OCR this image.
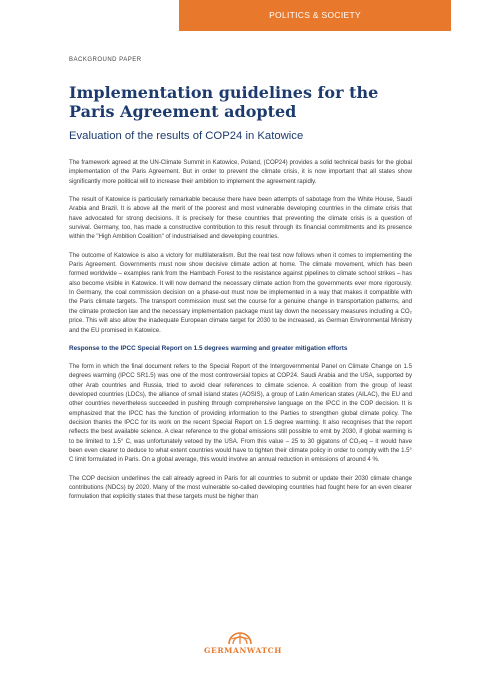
POLITICS & SOCIETY
BACKGROUND PAPER
Implementation guidelines for the Paris Agreement adopted
Evaluation of the results of COP24 in Katowice

The framework agreed at the UN-Climate Summit in Katowice, Poland, (COP24) provides a solid technical basis for the global implementation of the Paris Agreement. But in order to prevent the climate crisis, it is now important that all states show significantly more political will to increase their ambition to implement the agreement rapidly.

The result of Katowice is particularly remarkable because there have been attempts of sabotage from the White House, Saudi Arabia and Brazil. It is above all the merit of the poorest and most vulnerable developing countries in the climate crisis that have advocated for strong decisions. It is precisely for these countries that preventing the climate crisis is a question of survival. Germany, too, has made a constructive contribution to this result through its financial commitments and its presence within the "High Ambition Coalition" of industrialised and developing countries.

The outcome of Katowice is also a victory for multilateralism. But the real test now follows when it comes to implementing the Paris Agreement. Governments must now show decisive climate action at home. The climate movement, which has been formed worldwide – examples rank from the Hambach Forest to the resistance against pipelines to climate school strikes – has also become visible in Katowice. It will now demand the necessary climate action from the governments ever more rigorously. In Germany, the coal commission decision on a phase-out must now be implemented in a way that makes it compatible with the Paris climate targets. The transport commission must set the course for a genuine change in transportation patterns, and the climate protection law and the necessary implementation package must lay down the necessary measures including a CO₂ price. This will also allow the inadequate European climate target for 2030 to be increased, as German Environmental Ministry and the EU promised in Katowice.

Response to the IPCC Special Report on 1.5 degrees warming and greater mitigation efforts

The form in which the final document refers to the Special Report of the Intergovernmental Panel on Climate Change on 1.5 degrees warming (IPCC SR1.5) was one of the most controversial topics at COP24. Saudi Arabia and the USA, supported by other Arab countries and Russia, tried to avoid clear references to climate science. A coalition from the group of least developed countries (LDCs), the alliance of small island states (AOSIS), a group of Latin American states (AILAC), the EU and other countries nevertheless succeeded in pushing through comprehensive language on the IPCC in the COP decision. It is emphasized that the IPCC has the function of providing information to the Parties to strengthen global climate policy. The decision thanks the IPCC for its work on the recent Special Report on 1.5 degree warming. It also recognises that the report reflects the best available science. A clear reference to the global emissions still possible to emit by 2030, if global warming is to be limited to 1.5° C, was unfortunately vetoed by the USA. From this value – 25 to 30 gigatons of CO₂eq – it would have been even clearer to deduce to what extent countries would have to tighten their climate policy in order to comply with the 1.5° C limit formulated in Paris. On a global average, this would involve an annual reduction in emissions of around 4 %.

The COP decision underlines the call already agreed in Paris for all countries to submit or update their 2030 climate change contributions (NDCs) by 2020. Many of the most vulnerable so-called developing countries had fought here for an even clearer formulation that explicitly states that these targets must be higher than

GERMANWATCH
